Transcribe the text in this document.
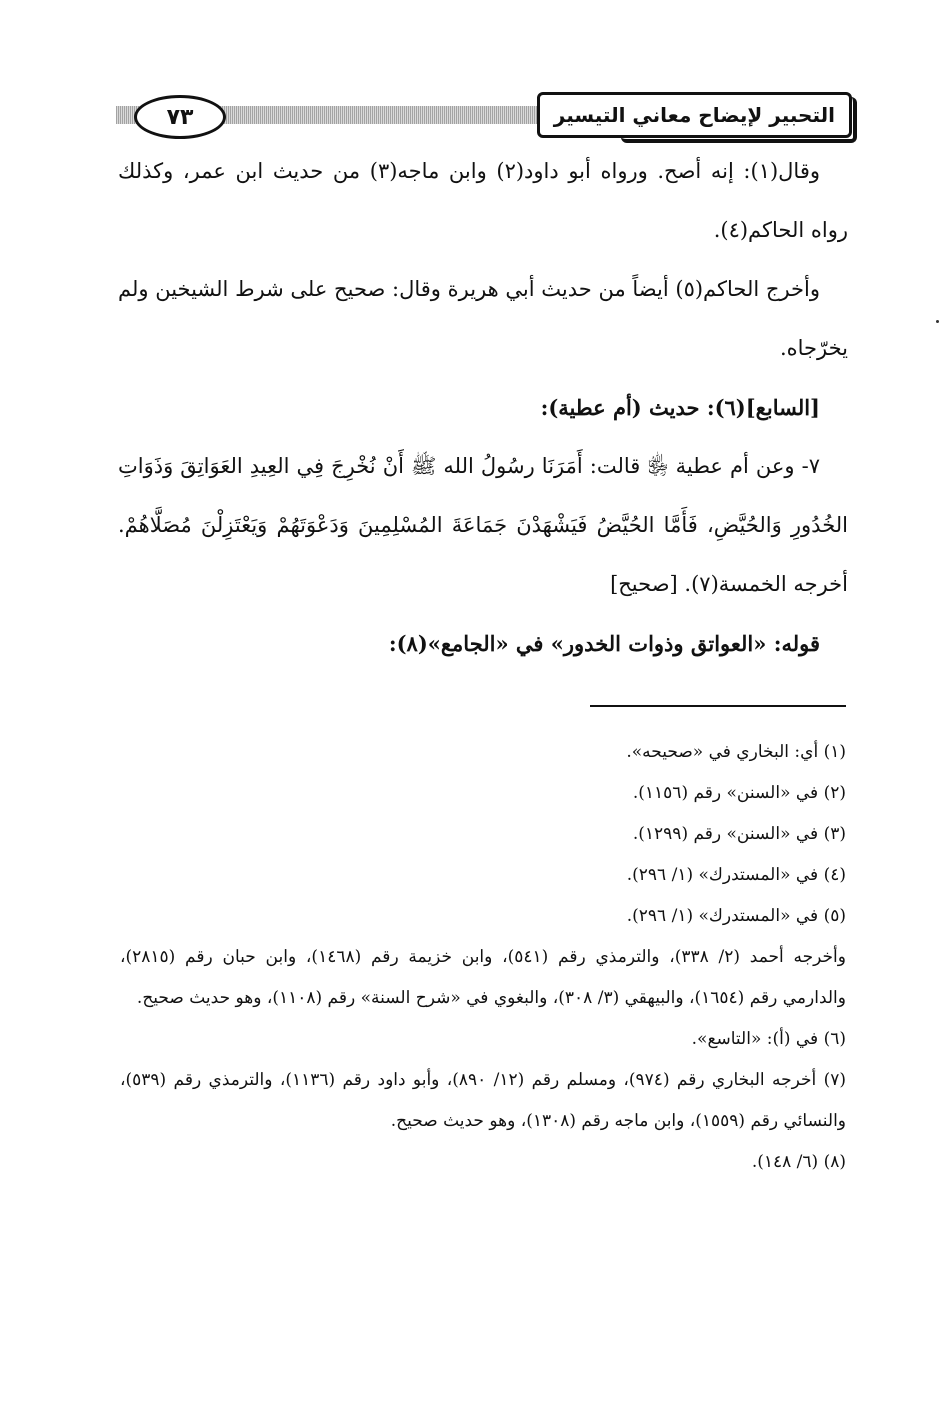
٧٣	التحبير لإيضاح معاني التيسير

وقال(١): إنه أصح. ورواه أبو داود(٢) وابن ماجه(٣) من حديث ابن عمر، وكذلك رواه الحاكم(٤).

وأخرج الحاكم(٥) أيضاً من حديث أبي هريرة وقال: صحيح على شرط الشيخين ولم يخرّجاه.

[السابع](٦): حديث (أم عطية):

٧- وعن أم عطية ﵂ قالت: أَمَرَنَا رسُولُ الله ﷺ أَنْ نُخْرِجَ فِي العِيدِ العَوَاتِقَ وَذَوَاتِ الخُدُورِ وَالحُيَّضِ، فَأَمَّا الحُيَّضُ فَيَشْهَدْنَ جَمَاعَةَ المُسْلِمِينَ وَدَعْوَتَهُمْ وَيَعْتَزِلْنَ مُصَلَّاهُمْ. أخرجه الخمسة(٧). [صحيح]

قوله: «العواتق وذوات الخدور» في «الجامع»(٨):

(١) أي: البخاري في «صحيحه».

(٢) في «السنن» رقم (١١٥٦).

(٣) في «السنن» رقم (١٢٩٩).

(٤) في «المستدرك» (١/ ٢٩٦).

(٥) في «المستدرك» (١/ ٢٩٦).

وأخرجه أحمد (٢/ ٣٣٨)، والترمذي رقم (٥٤١)، وابن خزيمة رقم (١٤٦٨)، وابن حبان رقم (٢٨١٥)، والدارمي رقم (١٦٥٤)، والبيهقي (٣/ ٣٠٨)، والبغوي في «شرح السنة» رقم (١١٠٨)، وهو حديث صحيح.

(٦) في (أ): «التاسع».

(٧) أخرجه البخاري رقم (٩٧٤)، ومسلم رقم (١٢/ ٨٩٠)، وأبو داود رقم (١١٣٦)، والترمذي رقم (٥٣٩)، والنسائي رقم (١٥٥٩)، وابن ماجه رقم (١٣٠٨)، وهو حديث صحيح.

(٨) (٦/ ١٤٨).
